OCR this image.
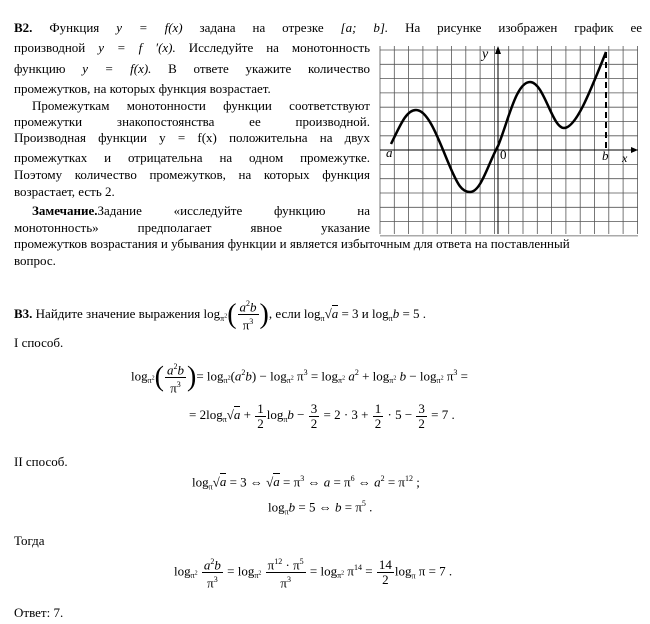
В2. Функция y = f(x) задана на отрезке [a; b]. На рисунке изображен график ее
производной y = f ′(x). Исследуйте на монотонность
функцию y = f(x). В ответе укажите количество
промежутков, на которых функция возрастает.
Промежуткам монотонности функции соответствуют
промежутки знакопостоянства ее производной.
Производная функции y = f(x) положительна на двух
промежутках и отрицательна на одном промежутке.
Поэтому количество промежутков, на которых функция
возрастает, есть 2.
Замечание.Задание «исследуйте функцию на
монотонность» предполагает явное указание
промежутков возрастания и убывания функции и является избыточным для ответа на поставленный
вопрос.
y
x
a	0	b
В3. Найдите значение выражения $\log_{\pi^2}( \frac{a^2b}{\pi^3}$ ), если $\log_\pi√a = 3$ и $\log_\pi b = 5$ .
I способ.
$\log_{\pi^2}( \frac{a^2b}{\pi^3}$ )= $\log_{\pi^2}(a^2b) - \log_{\pi^2} \pi^3 = \log_{\pi^2} a^2 + \log_{\pi^2} b - \log_{\pi^2} \pi^3$ =
= $2\log_\pi√a + \frac{1}{2} \log_\pi b - \frac{3}{2} = 2 \cdot 3 + \frac{1}{2} \cdot 5 - \frac{3}{2} = 7$ .
II способ.
$\log_\pi√a = 3$ ⇔ $√a = \pi^3$ ⇔ $a = \pi^6$ ⇔ $a^2 = \pi^{12}$ ;
$\log_\pi b = 5$ ⇔ $b = \pi^5$ .
Тогда
$\log_{\pi^2} \frac{a^2b}{\pi^3} = \log_{\pi^2} \frac{\pi^{12} \cdot \pi^5}{\pi^3} = \log_{\pi^2} \pi^{14} = \frac{14}{2} \log_\pi \pi = 7$ .
Ответ: 7.
